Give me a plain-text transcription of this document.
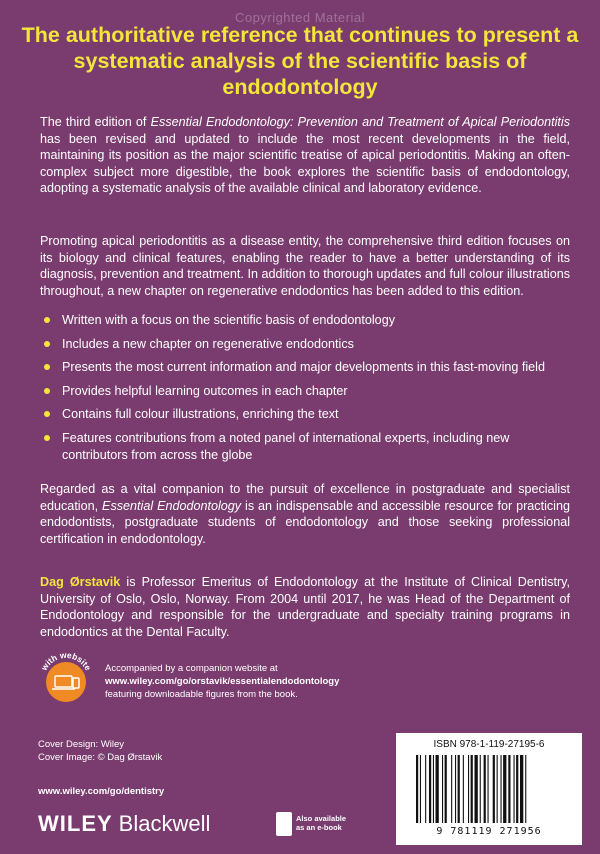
Copyrighted Material
The authoritative reference that continues to present a systematic analysis of the scientific basis of endodontology

The third edition of Essential Endodontology: Prevention and Treatment of Apical Periodontitis has been revised and updated to include the most recent developments in the field, maintaining its position as the major scientific treatise of apical periodontitis. Making an often-complex subject more digestible, the book explores the scientific basis of endodontology, adopting a systematic analysis of the available clinical and laboratory evidence.

Promoting apical periodontitis as a disease entity, the comprehensive third edition focuses on its biology and clinical features, enabling the reader to have a better understanding of its diagnosis, prevention and treatment. In addition to thorough updates and full colour illustrations throughout, a new chapter on regenerative endodontics has been added to this edition.

Written with a focus on the scientific basis of endodontology
Includes a new chapter on regenerative endodontics
Presents the most current information and major developments in this fast-moving field
Provides helpful learning outcomes in each chapter
Contains full colour illustrations, enriching the text
Features contributions from a noted panel of international experts, including new contributors from across the globe

Regarded as a vital companion to the pursuit of excellence in postgraduate and specialist education, Essential Endodontology is an indispensable and accessible resource for practicing endodontists, postgraduate students of endodontology and those seeking professional certification in endodontology.

Dag Ørstavik is Professor Emeritus of Endodontology at the Institute of Clinical Dentistry, University of Oslo, Oslo, Norway. From 2004 until 2017, he was Head of the Department of Endodontology and responsible for the undergraduate and specialty training programs in endodontics at the Dental Faculty.

with website Accompanied by a companion website at
www.wiley.com/go/orstavik/essentialendodontology
featuring downloadable figures from the book.
Cover Design: Wiley
Cover Image: © Dag Ørstavik
www.wiley.com/go/dentistry
WILEY Blackwell	Also available
as an e-book
ISBN 978-1-119-27195-6
9 781119 271956
